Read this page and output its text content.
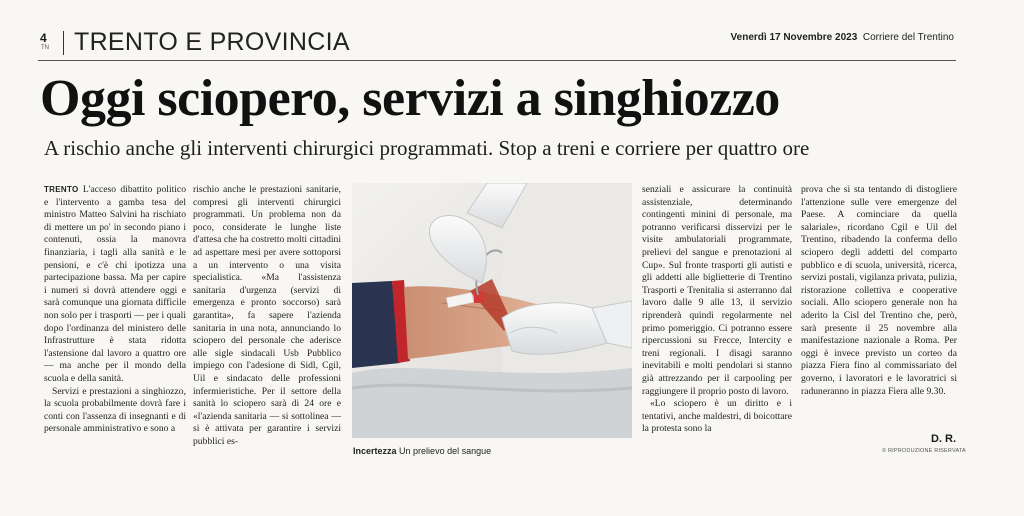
4
TN TRENTO E PROVINCIA	Venerdì 17 Novembre 2023 Corriere del Trentino
Oggi sciopero, servizi a singhiozzo
A rischio anche gli interventi chirurgici programmati. Stop a treni e corriere per quattro ore

TRENTO L'acceso dibattito politico e l'intervento a gamba tesa del ministro Matteo Salvini ha rischiato di mettere un po' in secondo piano i contenuti, ossia la manovra finanziaria, i tagli alla sanità e le pensioni, e c'è chi ipotizza una partecipazione bassa. Ma per capire i numeri si dovrà attendere oggi e sarà comunque una giornata difficile non solo per i trasporti — per i quali dopo l'ordinanza del ministero delle Infrastrutture è stata ridotta l'astensione dal lavoro a quattro ore — ma anche per il mondo della scuola e della sanità.

Servizi e prestazioni a singhiozzo, la scuola probabilmente dovrà fare i conti con l'assenza di insegnanti e di personale amministrativo e sono a

rischio anche le prestazioni sanitarie, compresi gli interventi chirurgici programmati. Un problema non da poco, considerate le lunghe liste d'attesa che ha costretto molti cittadini ad aspettare mesi per avere sottoporsi a un intervento o una visita specialistica. «Ma l'assistenza sanitaria d'urgenza (servizi di emergenza e pronto soccorso) sarà garantita», fa sapere l'azienda sanitaria in una nota, annunciando lo sciopero del personale che aderisce alle sigle sindacali Usb Pubblico impiego con l'adesione di Sidl, Cgil, Uil e sindacato delle professioni infermieristiche. Per il settore della sanità lo sciopero sarà di 24 ore e «l'azienda sanitaria — si sottolinea — si è attivata per garantire i servizi pubblici es-

Incertezza Un prelievo del sangue

senziali e assicurare la continuità assistenziale, determinando contingenti minini di personale, ma potranno verificarsi disservizi per le visite ambulatoriali programmate, prelievi del sangue e prenotazioni al Cup». Sul fronte trasporti gli autisti e gli addetti alle biglietterie di Trentino Trasporti e Trenitalia si asterranno dal lavoro dalle 9 alle 13, il servizio riprenderà quindi regolarmente nel primo pomeriggio. Ci potranno essere ripercussioni su Frecce, Intercity e treni regionali. I disagi saranno inevitabili e molti pendolari si stanno già attrezzando per il carpooling per raggiungere il proprio posto di lavoro.

«Lo sciopero è un diritto e i tentativi, anche maldestri, di boicottare la protesta sono la

prova che si sta tentando di distogliere l'attenzione sulle vere emergenze del Paese. A cominciare da quella salariale», ricordano Cgil e Uil del Trentino, ribadendo la conferma dello sciopero degli addetti del comparto pubblico e di scuola, università, ricerca, servizi postali, vigilanza privata, pulizia, ristorazione collettiva e cooperative sociali. Allo sciopero generale non ha aderito la Cisl del Trentino che, però, sarà presente il 25 novembre alla manifestazione nazionale a Roma. Per oggi è invece previsto un corteo da piazza Fiera fino al commissariato del governo, i lavoratori e le lavoratrici si raduneranno in piazza Fiera alle 9.30.

D. R.
© RIPRODUZIONE RISERVATA
